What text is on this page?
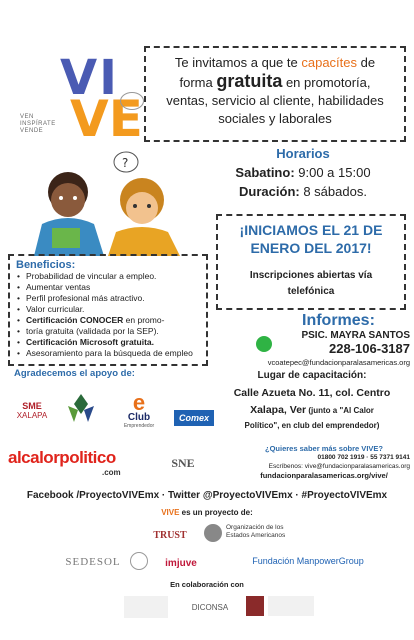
VI
VE
VEN
INSPÍRATE
VENDE
?
Te invitamos a que te capacítes de
forma gratuita en promotoría,
ventas, servicio al cliente, habilidades
sociales y laborales
Horarios
Sabatino: 9:00 a 15:00
Duración: 8 sábados.
¡INICIAMOS EL 21 DE
ENERO DEL 2017!
Inscripciones abiertas vía
telefónica
Beneficios:
• Probabilidad de vincular a empleo.
• Aumentar ventas
• Perfil profesional más atractivo.
• Valor curricular.
• Certificación CONOCER en promo-
• toría gratuita (validada por la SEP).
• Certificación Microsoft gratuita.
• Asesoramiento para la búsqueda de empleo
Informes:
PSIC. MAYRA SANTOS
228-106-3187
vcoatepec@fundacionparalasamericas.org
Lugar de capacitación:
Calle Azueta No. 11, col. Centro
Xalapa, Ver (junto a "Al Calor
Político", en club del emprendedor)
Agradecemos el apoyo de:
SME
XALAPA
e
Club
Emprendedor
Comex
alcalorpolitico
.com
SNE
¿Quieres saber más sobre VIVE?
01800 702 1919 · 55 7371 9141
Escríbenos: vive@fundacionparalasamericas.org
fundacionparalasamericas.org/vive/
Facebook /ProyectoVIVEmx · Twitter @ProyectoVIVEmx · #ProyectoVIVEmx
VIVE es un proyecto de:
TRUST
Organización de los Estados Americanos
SEDESOL	imjuve	Fundación ManpowerGroup
En colaboración con
DICONSA
